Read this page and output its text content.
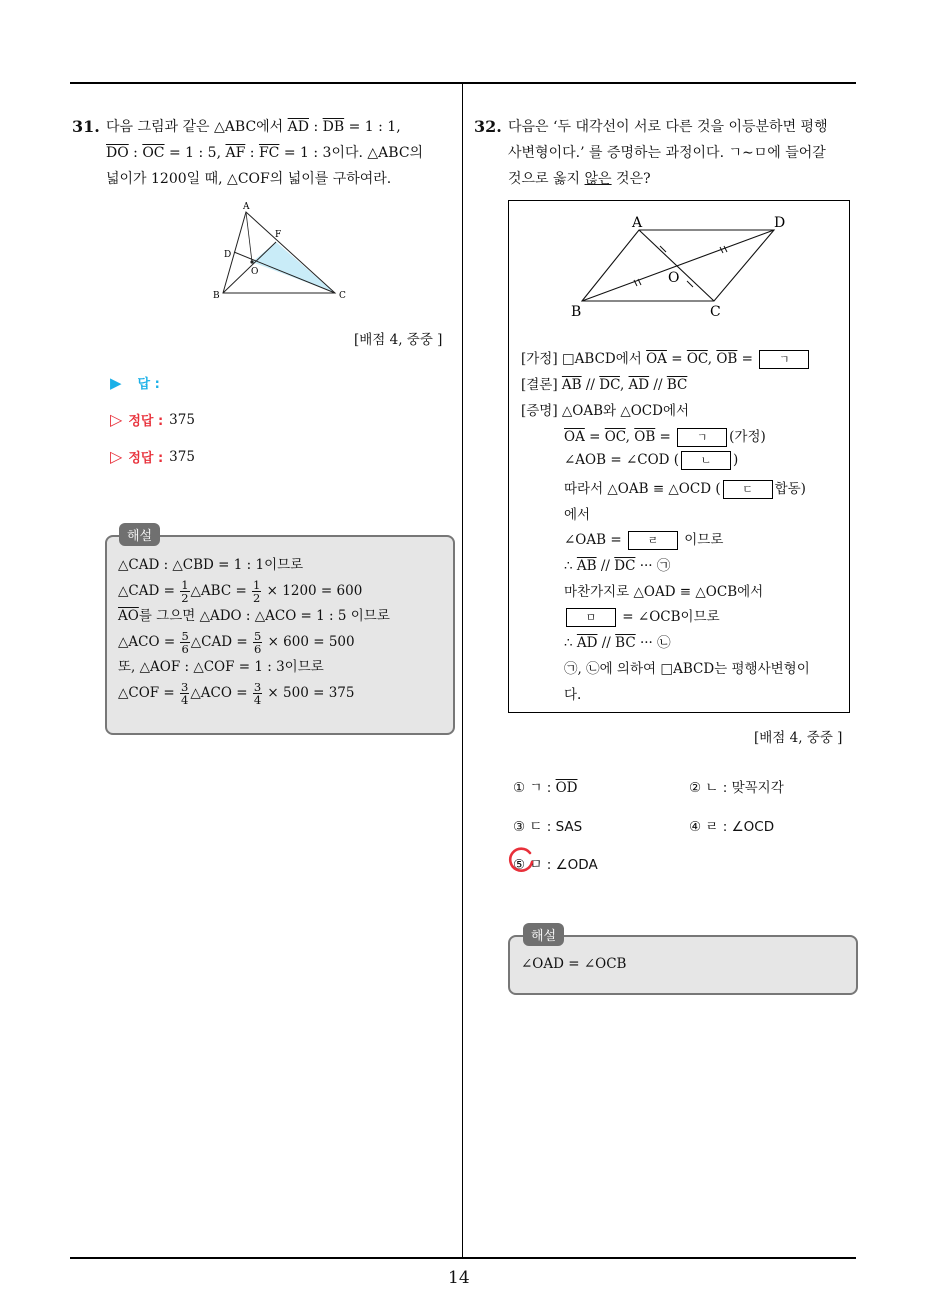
14
31. 다음 그림과 같은 △ABC에서 $\overline{AD}$ : $\overline{DB} = 1$ : 1,
$\overline{DO}$ : $\overline{OC} = 1$ : 5, $\overline{AF}$ : $\overline{FC} = 1$ : 3이다. △ABC의
넓이가 1200일 때, △COF의 넓이를 구하여라.
A
F
D
O
B	C
[배점 4, 중중 ]
▶ 답 :
▷ 정답 : 375
▷ 정답 : 375
해설
△CAD : △CBD = 1 : 1이므로
△CAD = $\frac{1}{2}$ △ABC = $\frac{1}{2} \times 1200 = 600$
$\overline{AO}$를 그으면 △ADO : △ACO = 1 : 5 이므로
△ACO = $\frac{5}{6}$ △CAD = $\frac{5}{6} \times 600 = 500$
또, △AOF : △COF = 1 : 3이므로
△COF = $\frac{3}{4}$ △ACO = $\frac{3}{4} \times 500 = 375$
32. 다음은 ‘두 대각선이 서로 다른 것을 이등분하면 평행
사변형이다.’ 를 증명하는 과정이다. ㄱ∼ㅁ에 들어갈
것으로 옳지 않은 것은?
A	D
O
B	C
[가정] □ABCD에서 $\overline{OA} = \overline{OC}$, $\overline{OB}$ = ㄱ
[결론] $\overline{AB} // \overline{DC}$, $\overline{AD} // \overline{BC}$
[증명] △OAB와 △OCD에서
$\overline{OA} = \overline{OC}$, $\overline{OB}$ = ㄱ (가정)
∠AOB = ∠COD ( ㄴ )
따라서 △OAB ≡ △OCD ( ㄷ 합동)
에서
∠OAB = ㄹ 이므로
∴ $\overline{AB} // \overline{DC}$ ··· ㉠
마찬가지로 △OAD ≡ △OCB에서
ㅁ = ∠OCB이므로
∴ $\overline{AD} // \overline{BC}$ ··· ㉡
㉠, ㉡에 의하여 □ABCD는 평행사변형이
다.
[배점 4, 중중 ]
① ㄱ : $\overline{OD}$	② ㄴ : 맞꼭지각
③ ㄷ : SAS	④ ㄹ : ∠OCD
⑤ ㅁ : ∠ODA
해설
∠OAD = ∠OCB
